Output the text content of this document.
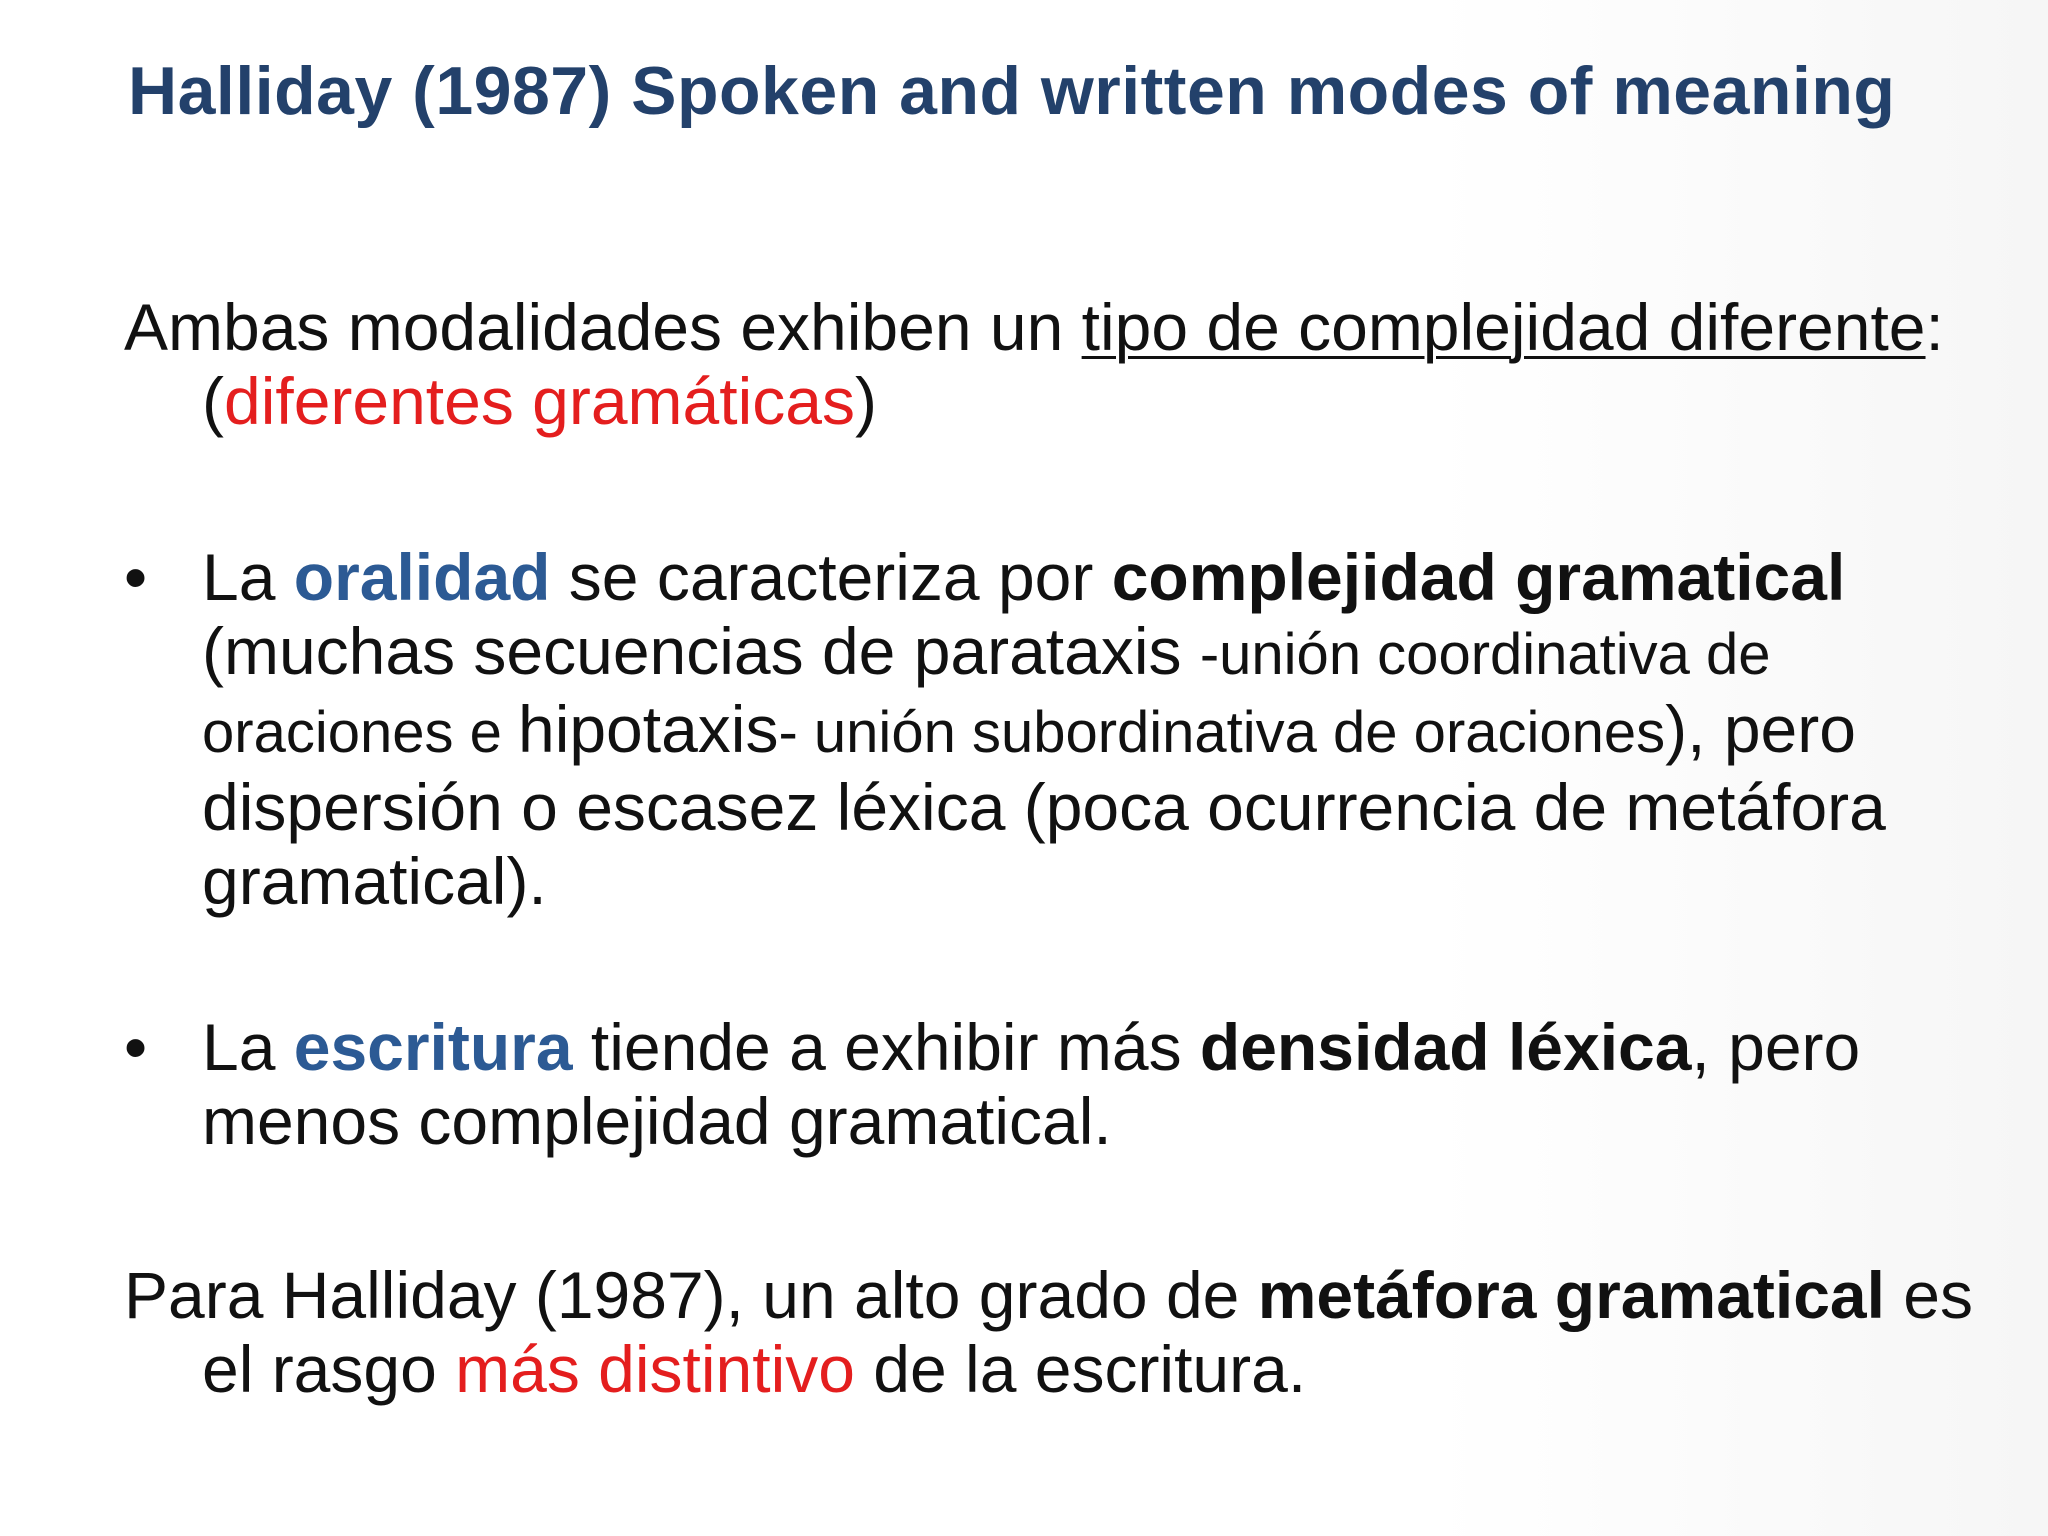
Halliday (1987) Spoken and written modes of meaning
Ambas modalidades exhiben un tipo de complejidad diferente: (diferentes gramáticas)
• La oralidad se caracteriza por complejidad gramatical (muchas secuencias de parataxis -unión coordinativa de oraciones e hipotaxis- unión subordinativa de oraciones), pero dispersión o escasez léxica (poca ocurrencia de metáfora gramatical).
• La escritura tiende a exhibir más densidad léxica, pero menos complejidad gramatical.
Para Halliday (1987), un alto grado de metáfora gramatical es el rasgo más distintivo de la escritura.
